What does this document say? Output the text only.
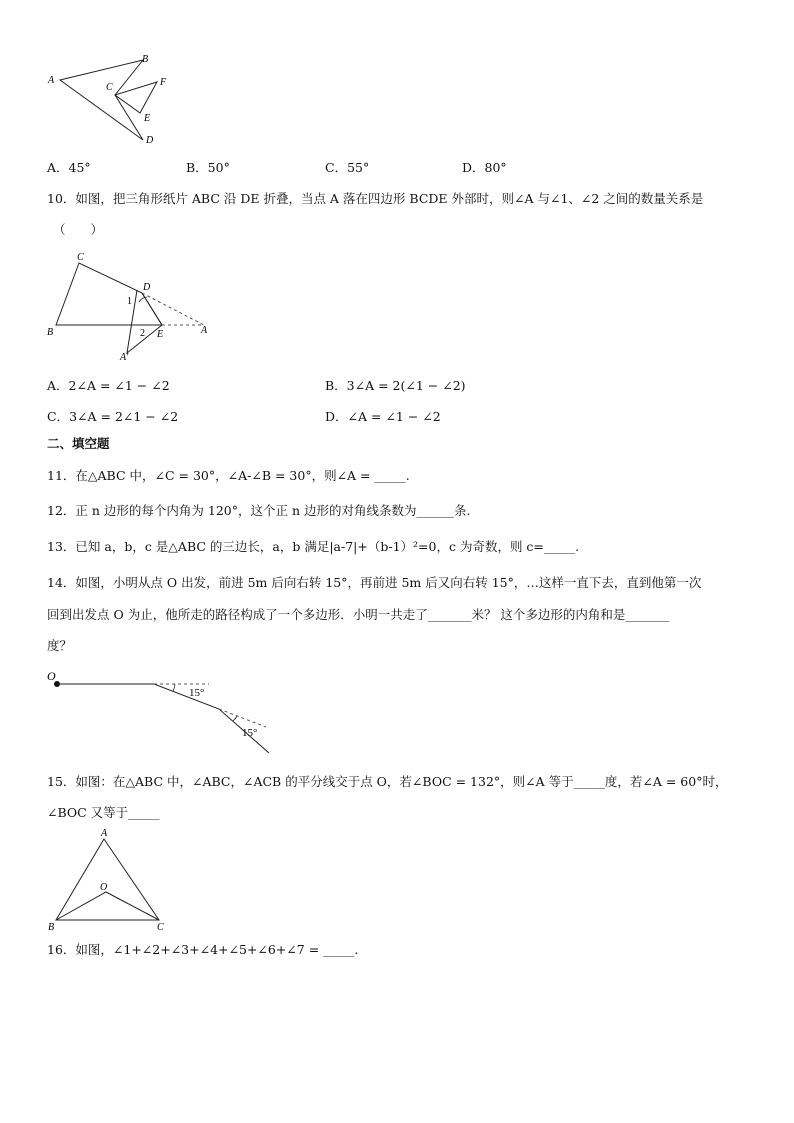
A
B
C	F
E
D
A．45°	B．50°	C．55°	D．80°
10．如图，把三角形纸片 ABC 沿 DE 折叠，当点 A 落在四边形 BCDE 外部时，则∠A 与∠1、∠2 之间的数量关系是
（　　）
C
D
1
B	2 E	A
A'
A．2∠A = ∠1 − ∠2	B．3∠A = 2(∠1 − ∠2)
C．3∠A = 2∠1 − ∠2	D．∠A = ∠1 − ∠2
二、填空题
11．在△ABC 中，∠C = 30°，∠A-∠B = 30°，则∠A = _____.
12．正 n 边形的每个内角为 120°，这个正 n 边形的对角线条数为______条.
13．已知 a，b，c 是△ABC 的三边长，a，b 满足|a-7|+（b-1）²=0，c 为奇数，则 c=_____.
14．如图，小明从点 O 出发，前进 5m 后向右转 15°，再前进 5m 后又向右转 15°，…这样一直下去，直到他第一次
回到出发点 O 为止，他所走的路径构成了一个多边形．小明一共走了_______米？ 这个多边形的内角和是_______
度？
O
15°
15°
15．如图：在△ABC 中，∠ABC，∠ACB 的平分线交于点 O，若∠BOC = 132°，则∠A 等于_____度，若∠A = 60°时，
∠BOC 又等于_____
A
O
B	C
16．如图，∠1+∠2+∠3+∠4+∠5+∠6+∠7 = _____.
